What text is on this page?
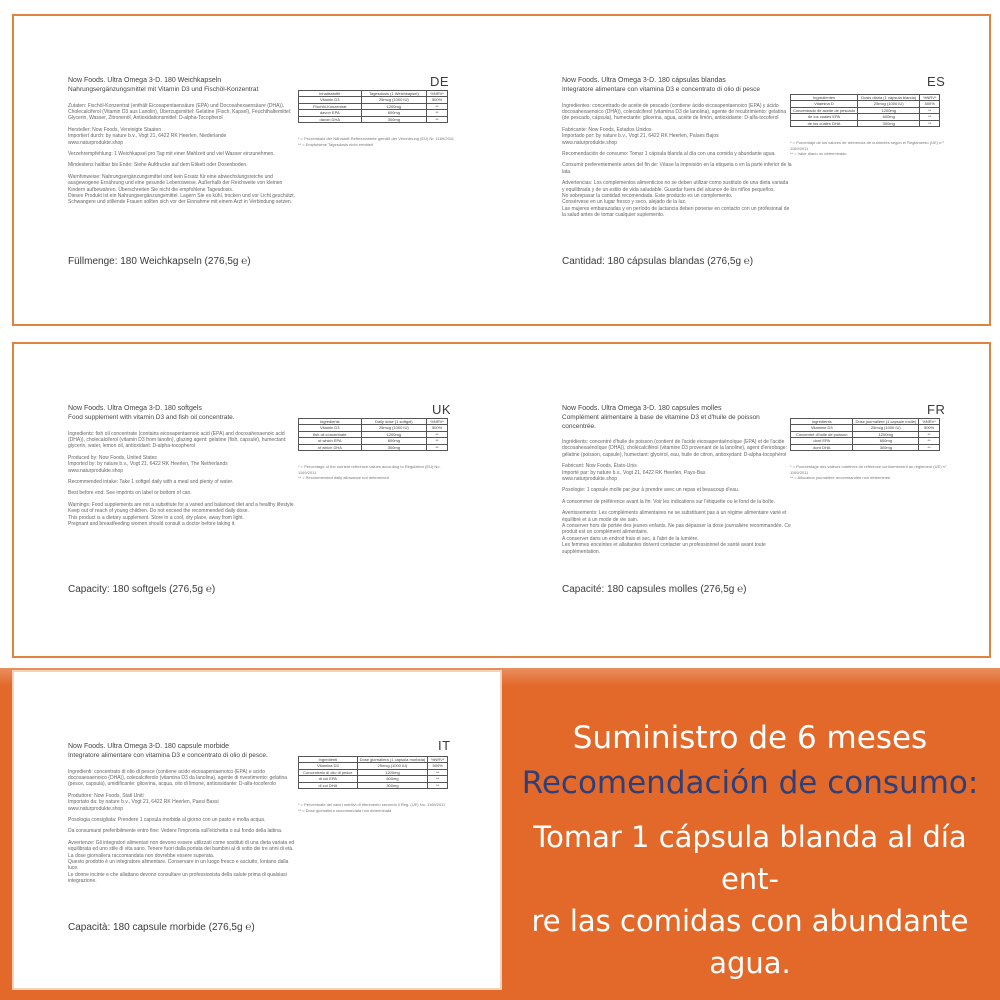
DE
Now Foods. Ultra Omega 3-D. 180 Weichkapseln
Nahrungsergänzungsmittel mit Vitamin D3 und Fischöl-Konzentrat

Zutaten: Fischöl-Konzentrat (enthält Eicosapentaensäure (EPA) und Docosahexaensäure (DHA)), Cholecalciferol (Vitamin D3 aus Lanolin), Überzugsmittel: Gelatine (Fisch, Kapsel), Feuchthaltemittel: Glycerin, Wasser, Zitronenöl, Antioxidationsmittel: D-alpha-Tocopherol

Hersteller: Now Foods, Vereinigte Staaten
Importiert durch: by nature b.v., Vogt 21, 6422 RK Heerlen, Niederlande
www.naturprodukte.shop

Verzehrempfehlung: 1 Weichkapsel pro Tag mit einer Mahlzeit und viel Wasser einzunehmen.

Mindestens haltbar bis Ende: Siehe Aufdrucke auf dem Etikett oder Dosenboden.

Warnhinweise: Nahrungsergänzungsmittel sind kein Ersatz für eine abwechslungsreiche und ausgewogene Ernährung und eine gesunde Lebensweise. Außerhalb der Reichweite von kleinen Kindern aufbewahren. Überschreiten Sie nicht die empfohlene Tagesdosis.
Dieses Produkt ist ein Nahrungsergänzungsmittel. Lagern Sie es kühl, trocken und vor Licht geschützt.
Schwangere und stillende Frauen sollten sich vor der Einnahme mit einem Arzt in Verbindung setzen.

Inhaltsstoffe	Tagesdosis (1 Weichkapsel)	%NRV*
Vitamin D3	25mcg (1000 IU)	500%
Fischöl-Konzentrat	1200mg	**
davon EPA	600mg	**
davon DHA	300mg	**
* = Prozentsatz der Nährstoff-Referenzwerte gemäß der Verordnung (EU) Nr. 1169/2011
** = Empfohlene Tagesdosis nicht ermittelt
Füllmenge: 180 Weichkapseln (276,5g ℮)
ES
Now Foods. Ultra Omega 3-D. 180 cápsulas blandas
Integratore alimentare con vitamina D3 e concentrato di olio di pesce

Ingredientes: concentrado de aceite de pescado (contiene ácido eicosapentaenoico (EPA) y ácido docosahexaenoico (DHA)), colecalciferol (vitamina D3 de lanolina), agente de recubrimiento: gelatina (de pescado, cápsula), humectante: glicerina, agua, aceite de limón, antioxidante: D-alfa-tocoferol

Fabricante: Now Foods, Estados Unidos
Importado por: by nature b.v., Vogt 21, 6422 RK Heerlen, Países Bajos
www.naturprodukte.shop

Recomendación de consumo: Tomar 1 cápsula blanda al día con una comida y abundante agua.

Consumir preferentemente antes del fin de: Véase la impresión en la etiqueta o en la parte inferior de la lata.

Advertencias: Los complementos alimenticios no se deben utilizar como sustituto de una dieta variada y equilibrada y de un estilo de vida saludable. Guardar fuera del alcance de los niños pequeños.
No sobrepasar la cantidad recomendada. Este producto es un complemento.
Consérvese en un lugar fresco y seco, alejado de la luz.
Las mujeres embarazadas y en período de lactancia deben ponerse en contacto con un profesional de la salud antes de tomar cualquier suplemento.

Ingredientes	Dosis diaria (1 cápsula blanda)	%NRV*
Vitamina D	25mcg (1000 IU)	500%
Concentrado de aceite de pescado	1200mg	**
de los cuales EPA	600mg	**
de los cuales DHA	300mg	**
* = Porcentaje de los valores de referencia de nutrientes según el Reglamento (UE) n.º 1169/2011
** = Valor diario no determinado
Cantidad: 180 cápsulas blandas (276,5g ℮)
UK
Now Foods. Ultra Omega 3-D. 180 softgels
Food supplement with vitamin D3 and fish oil concentrate.

Ingredients: fish oil concentrate (contains eicosapentaenoic acid (EPA) and docosahexaenoic acid (DHA)), cholecalciferol (vitamin D3 from lanolin), glazing agent: gelatine (fish, capsule), humectant: glycerin, water, lemon oil, antioxidant: D-alpha-tocopherol

Produced by: Now Foods, United States
Imported by: by nature b.v., Vogt 21, 6422 RK Heerlen, The Netherlands
www.naturprodukte.shop

Recommended intake: Take 1 softgel daily with a meal and plenty of water.

Best before end: See imprints on label or bottom of can.

Warnings: Food supplements are not a substitute for a varied and balanced diet and a healthy lifestyle. Keep out of reach of young children. Do not exceed the recommended daily dose.
This product is a dietary supplement. Store in a cool, dry place, away from light.
Pregnant and breastfeeding women should consult a doctor before taking it.

Ingredients	Daily dose (1 softgel)	%NRV*
Vitamin D3	25mcg (1000 IU)	500%
fish oil concentrate	1200mg	**
of which EPA	600mg	**
of which DHA	300mg	**
* = Percentage of the nutrient reference values according to Regulation (EU) No. 1169/2011
** = Recommended daily allowance not determined
Capacity: 180 softgels (276,5g ℮)
FR
Now Foods. Ultra Omega 3-D. 180 capsules molles
Complément alimentaire à base de vitamine D3 et d'huile de poisson concentrée.

Ingrédients: concentré d'huile de poisson (contient de l'acide eicosapentaénoïque (EPA) et de l'acide docosahexaénoïque (DHA)), cholécalciférol (vitamine D3 provenant de la lanoline), agent d'enrobage: gélatine (poisson, capsule), humectant: glycérol, eau, huile de citron, antioxydant: D-alpha-tocophérol

Fabricant: Now Foods, États-Unis
Importé par: by nature b.v., Vogt 21, 6422 RK Heerlen, Pays-Bas
www.naturprodukte.shop

Posologie: 1 capsule molle par jour à prendre avec un repas et beaucoup d'eau.

A consommer de préférence avant la fin: Voir les indications sur l'étiquette ou le fond de la boîte.

Avertissements: Les compléments alimentaires ne se substituent pas à un régime alimentaire varié et équilibré et à un mode de vie sain.
A conserver hors de portée des jeunes enfants. Ne pas dépasser la dose journalière recommandée. Ce produit est un complément alimentaire.
A conserver dans un endroit frais et sec, à l'abri de la lumière.
Les femmes enceintes et allaitantes doivent contacter un professionnel de santé avant toute supplémentation.

Ingrédients	Dose journalière (1 capsule molle)	%NRV*
Vitamine D3	25mcg (1000 IU)	500%
Concentré d'huile de poisson	1200mg	**
dont EPA	600mg	**
dont DHA	300mg	**
* = Pourcentage des valeurs nutritives de référence conformément au règlement (UE) n° 1169/2011
** = Allocation journalière recommandée non déterminée
Capacité: 180 capsules molles (276,5g ℮)
IT
Now Foods. Ultra Omega 3-D. 180 capsule morbide
Integratore alimentare con vitamina D3 e concentrato di olio di pesce.

Ingredienti: concentrato di olio di pesce (contiene acido eicosapentaenoico (EPA) e acido docosaesaenoico (DHA)), colecalciferolo (vitamina D3 da lanolina), agente di rivestimento: gelatina (pesce, capsula), umidificante: glicerina, acqua, olio di limone, antiossidante: D-alfa-tocoferolo

Produttore: Now Foods, Stati Uniti
Importato da: by nature b.v., Vogt 21, 6422 RK Heerlen, Paesi Bassi
www.naturprodukte.shop

Posologia consigliata: Prendere 1 capsula morbida al giorno con un pasto e molta acqua.

Da consumarsi preferibilmente entro fine: Vedere l'impronta sull'etichetta o sul fondo della lattina.

Avvertenze: Gli integratori alimentari non devono essere utilizzati come sostituti di una dieta variata ed equilibrata ed uno stile di vita sano. Tenere fuori dalla portata dei bambini al di sotto dei tre anni di età.
La dose giornaliera raccomandata non dovrebbe essere superata.
Questo prodotto è un integratore alimentare. Conservare in un luogo fresco e asciutto, lontano dalla luce.
Le donne incinte e che allattano devono consultare un professionista della salute prima di qualsiasi integrazione.

Ingredienti	Dose giornaliera (1 capsula morbida)	%NRV*
Vitamina D3	25mcg (1000 IU)	500%
Concentrato di olio di pesce	1200mg	**
di cui EPA	600mg	**
di cui DHA	300mg	**
* = Percentuale dei valori nutritivi di riferimento secondo il Reg. (UE) No. 1169/2011
** = Dose giornaliera raccomandata non determinata
Capacità: 180 capsule morbide (276,5g ℮)
Suministro de 6 meses
Recomendación de consumo:
Tomar 1 cápsula blanda al día ent-
re las comidas con abundante
agua.
